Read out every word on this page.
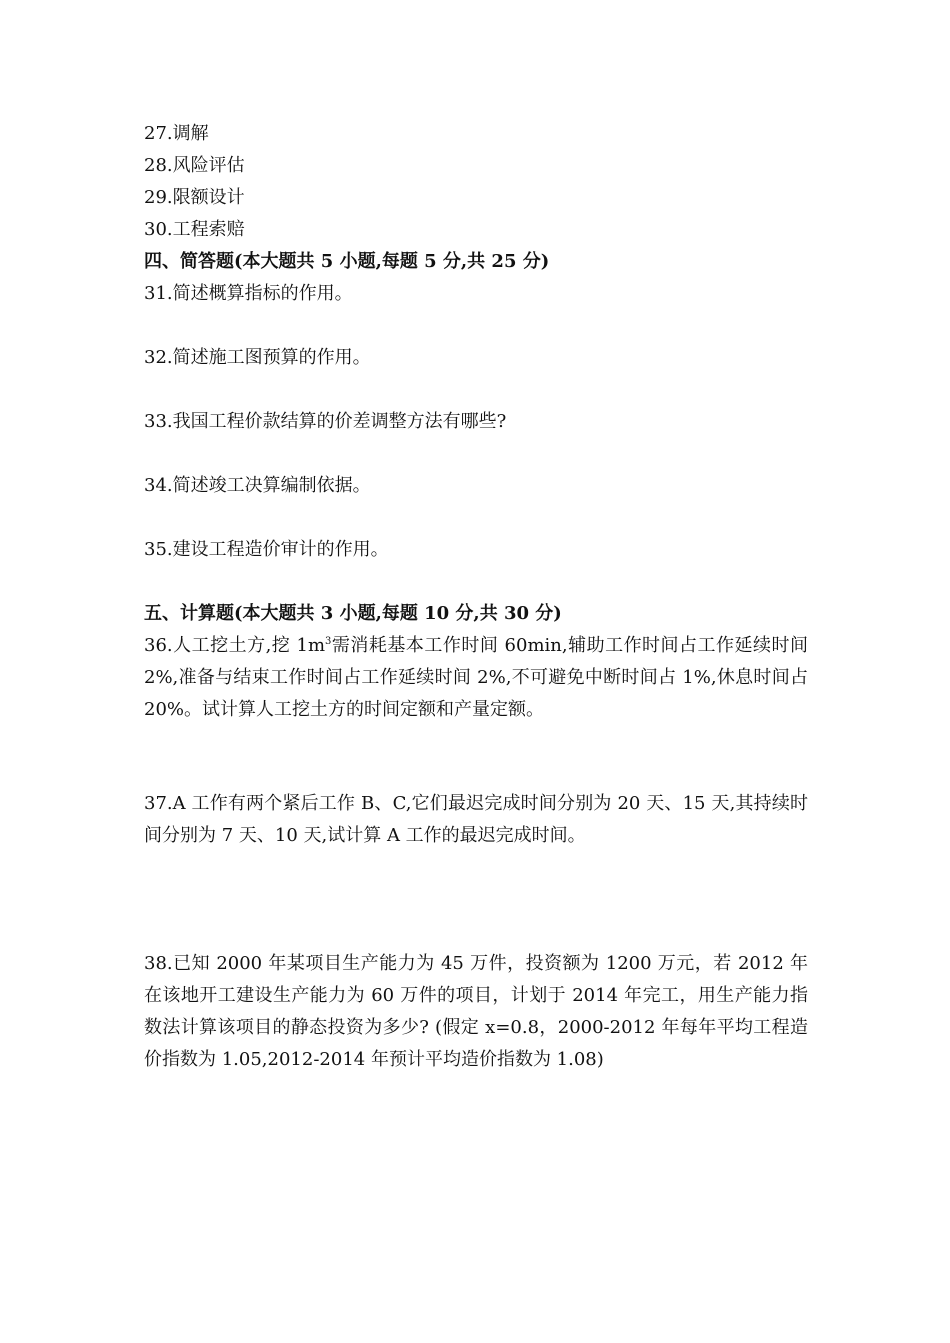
27.调解
28.风险评估
29.限额设计
30.工程索赔
四、简答题(本大题共 5 小题,每题 5 分,共 25 分)
31.简述概算指标的作用。
32.简述施工图预算的作用。
33.我国工程价款结算的价差调整方法有哪些?
34.简述竣工决算编制依据。
35.建设工程造价审计的作用。
五、计算题(本大题共 3 小题,每题 10 分,共 30 分)
36.人工挖土方,挖 $1m^3$需消耗基本工作时间 60min,辅助工作时间占工作延续时间2%,准备与结束工作时间占工作延续时间 2%,不可避免中断时间占 1%,休息时间占 20%。试计算人工挖土方的时间定额和产量定额。
37.A 工作有两个紧后工作 B、C,它们最迟完成时间分别为 20 天、15 天,其持续时间分别为 7 天、10 天,试计算 A 工作的最迟完成时间。
38.已知 2000 年某项目生产能力为 45 万件，投资额为 1200 万元，若 2012 年在该地开工建设生产能力为 60 万件的项目，计划于 2014 年完工，用生产能力指数法计算该项目的静态投资为多少? (假定 x=0.8，2000-2012 年每年平均工程造价指数为 1.05,2012-2014 年预计平均造价指数为 1.08)
